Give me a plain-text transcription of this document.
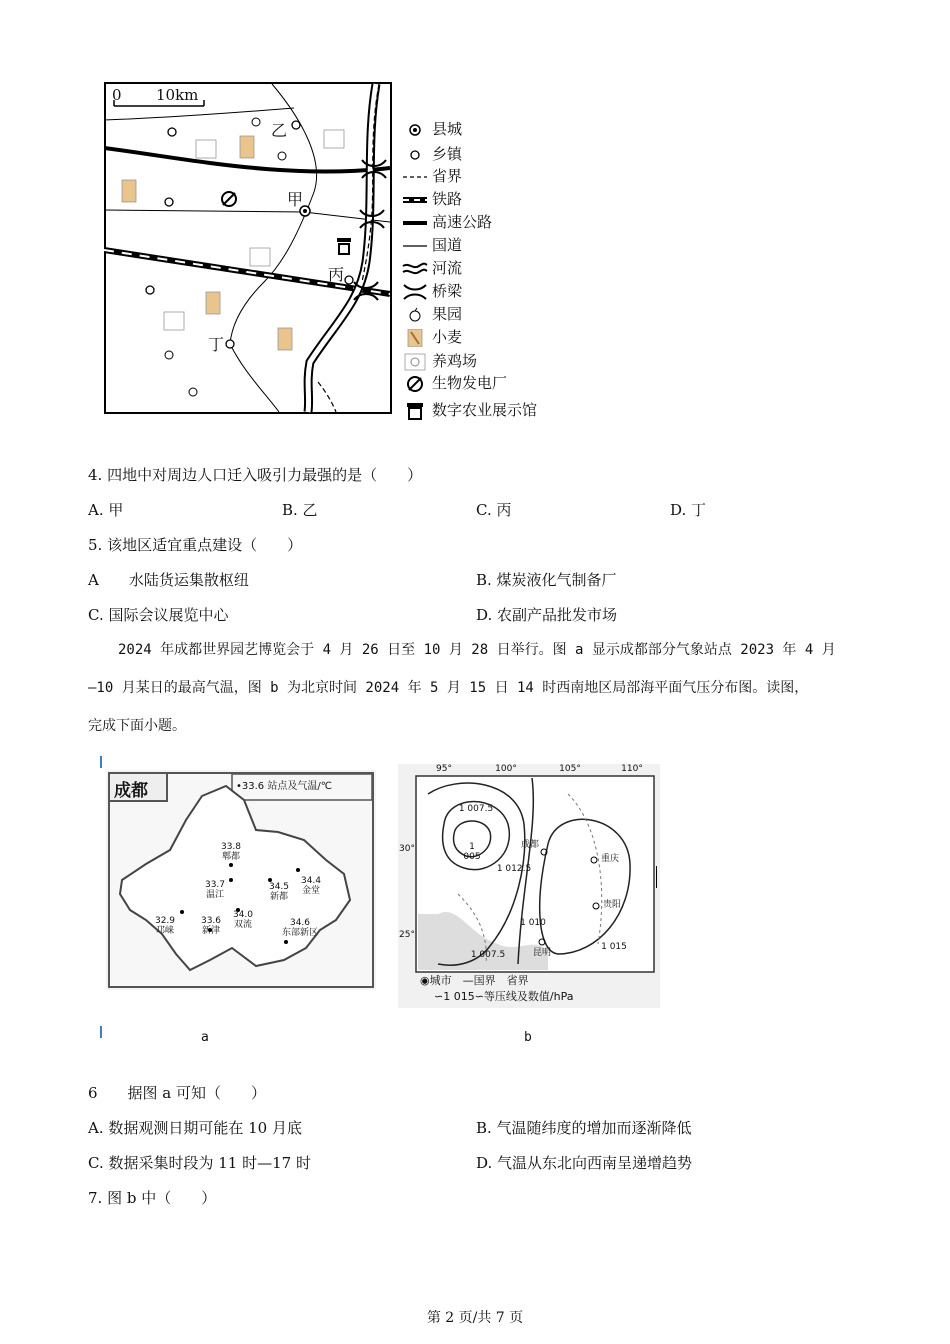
0 10km
乙
甲
丙
丁
县城
乡镇
省界
铁路
高速公路
国道
河流
桥梁
果园
小麦
养鸡场
生物发电厂
数字农业展示馆
4. 四地中对周边人口迁入吸引力最强的是（　　）
A. 甲	B. 乙	C. 丙	D. 丁
5. 该地区适宜重点建设（　　）
A　　水陆货运集散枢纽	B. 煤炭液化气制备厂
C. 国际会议展览中心	D. 农副产品批发市场
2024 年成都世界园艺博览会于 4 月 26 日至 10 月 28 日举行。图 a 显示成都部分气象站点 2023 年 4 月
—10 月某日的最高气温，图 b 为北京时间 2024 年 5 月 15 日 14 时西南地区局部海平面气压分布图。读图，
完成下面小题。
成都	•33.6 站点及气温/℃
33.8
郫都
33.7
温江
34.5
新都
34.4
金堂
32.9
邛崃
33.6
新津
34.0
双流	34.6
东部新区
95°	100°	105°	110°
30°
25°
1 007.5
1 005
1 012.5
1 010
1 007.5
1 015
成都
重庆
贵阳
昆明
◉城市　—国界　省界
∽1 015∽等压线及数值/hPa
a	b
6　　据图 a 可知（　　）
A. 数据观测日期可能在 10 月底	B. 气温随纬度的增加而逐渐降低
C. 数据采集时段为 11 时—17 时	D. 气温从东北向西南呈递增趋势
7. 图 b 中（　　）
第 2 页/共 7 页
